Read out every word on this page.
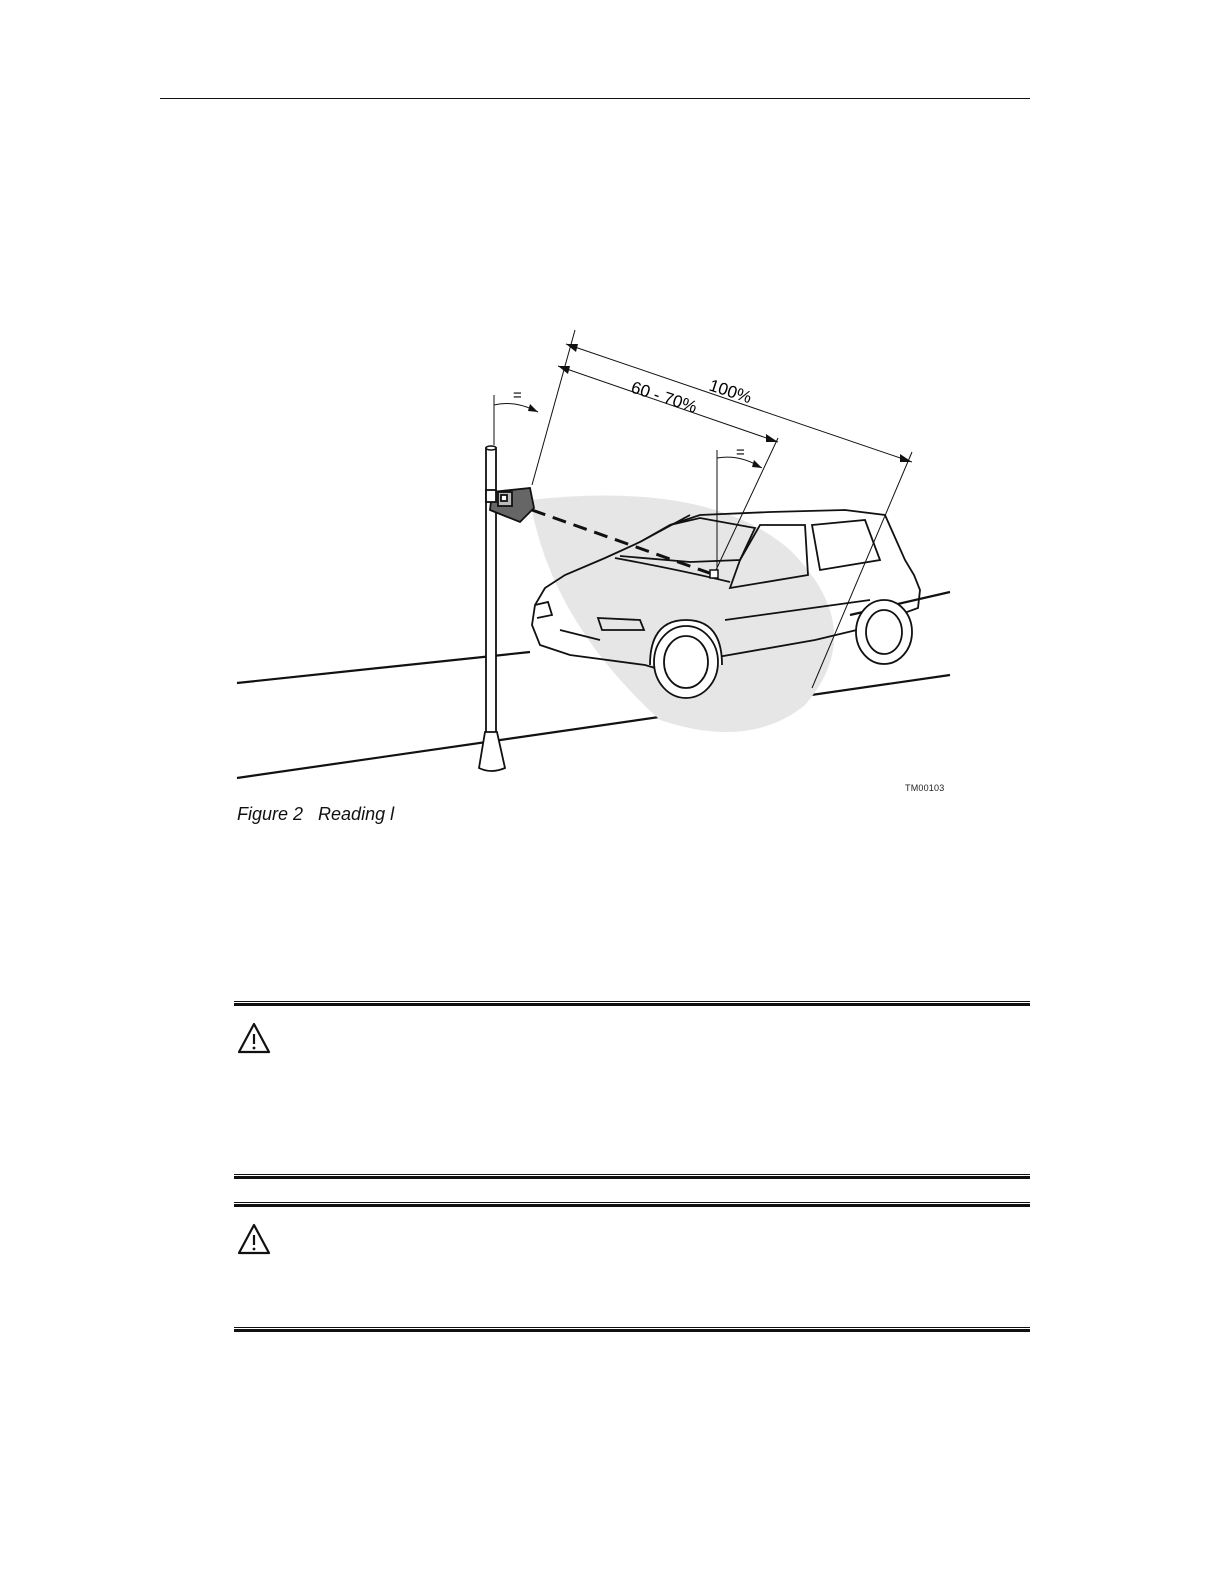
100%
60 - 70%
=
=
TM00103
Figure 2   Reading l
